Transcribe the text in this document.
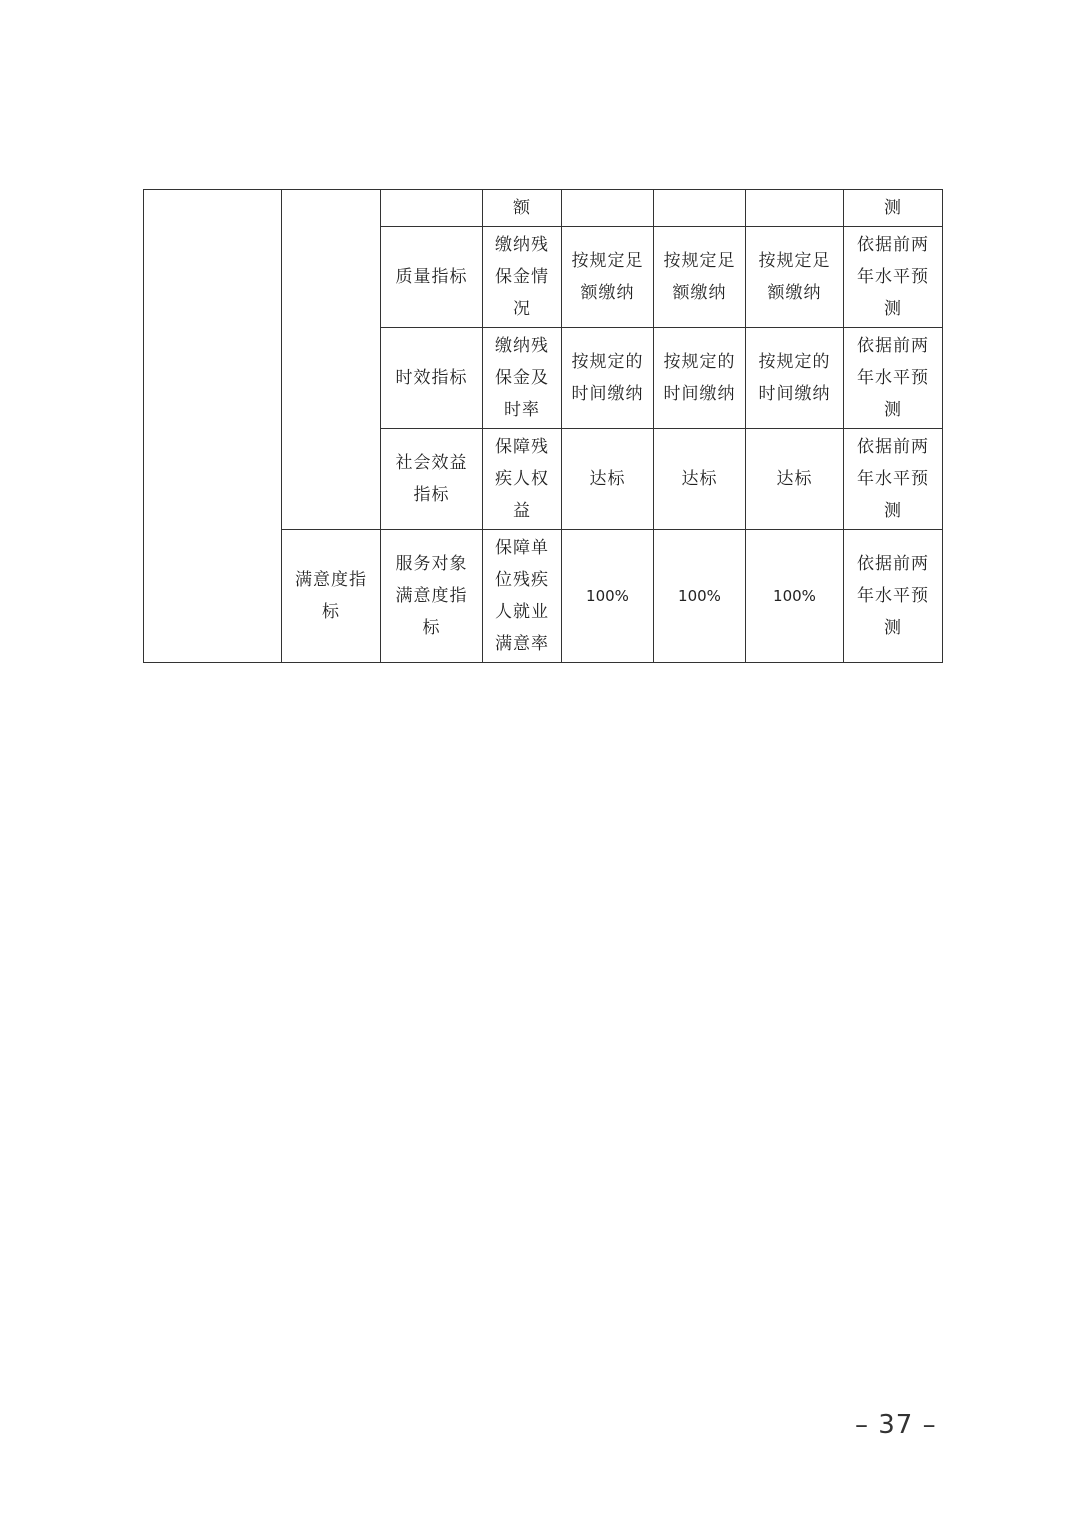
			额				测
		质量指标	缴纳残保金情况	按规定足额缴纳	按规定足额缴纳	按规定足额缴纳	依据前两年水平预测
		时效指标	缴纳残保金及时率	按规定的时间缴纳	按规定的时间缴纳	按规定的时间缴纳	依据前两年水平预测
		社会效益指标	保障残疾人权益	达标	达标	达标	依据前两年水平预测
	满意度指标	服务对象满意度指标	保障单位残疾人就业满意率	100%	100%	100%	依据前两年水平预测
– 37 –
